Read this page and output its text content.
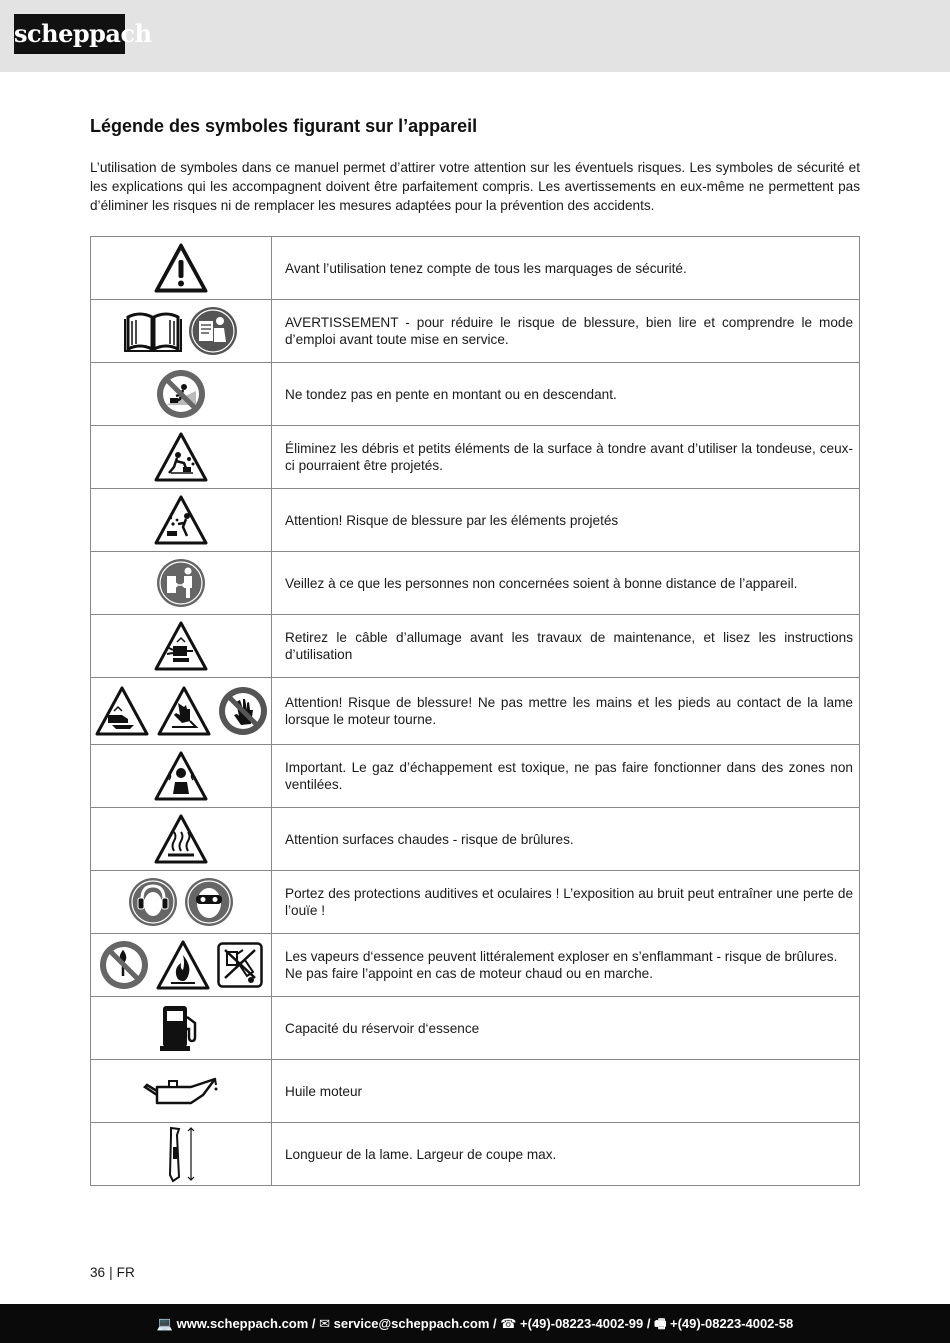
scheppach
Légende des symboles figurant sur l’appareil

L’utilisation de symboles dans ce manuel permet d’attirer votre attention sur les éventuels risques. Les symboles de sécurité et les explications qui les accompagnent doivent être parfaitement compris. Les avertissements en eux-même ne permettent pas d’éliminer les risques ni de remplacer les mesures adaptées pour la prévention des accidents.

	Avant l’utilisation tenez compte de tous les marquages de sécurité.

	AVERTISSEMENT - pour réduire le risque de blessure, bien lire et comprendre le mode d’emploi avant toute mise en service.

	Ne tondez pas en pente en montant ou en descendant.

	Éliminez les débris et petits éléments de la surface à tondre avant d’utiliser la tondeuse, ceux-ci pourraient être projetés.

	Attention! Risque de blessure par les éléments projetés

	Veillez à ce que les personnes non concernées soient à bonne distance de l’appareil.

	Retirez le câble d’allumage avant les travaux de maintenance, et lisez les instructions d’utilisation

	Attention! Risque de blessure! Ne pas mettre les mains et les pieds au contact de la lame lorsque le moteur tourne.

	Important. Le gaz d’échappement est toxique, ne pas faire fonctionner dans des zones non ventilées.

	Attention surfaces chaudes - risque de brûlures.

	Portez des protections auditives et oculaires ! L’exposition au bruit peut entraîner une perte de l’ouïe !

	Les vapeurs d‘essence peuvent littéralement exploser en s’enflammant - risque de brûlures.
Ne pas faire l’appoint en cas de moteur chaud ou en marche.

	Capacité du réservoir d‘essence

	Huile moteur

	Longueur de la lame. Largeur de coupe max.
36 | FR
💻 www.scheppach.com / ✉ service@scheppach.com / ☎ +(49)-08223-4002-99 / 🖷 +(49)-08223-4002-58
